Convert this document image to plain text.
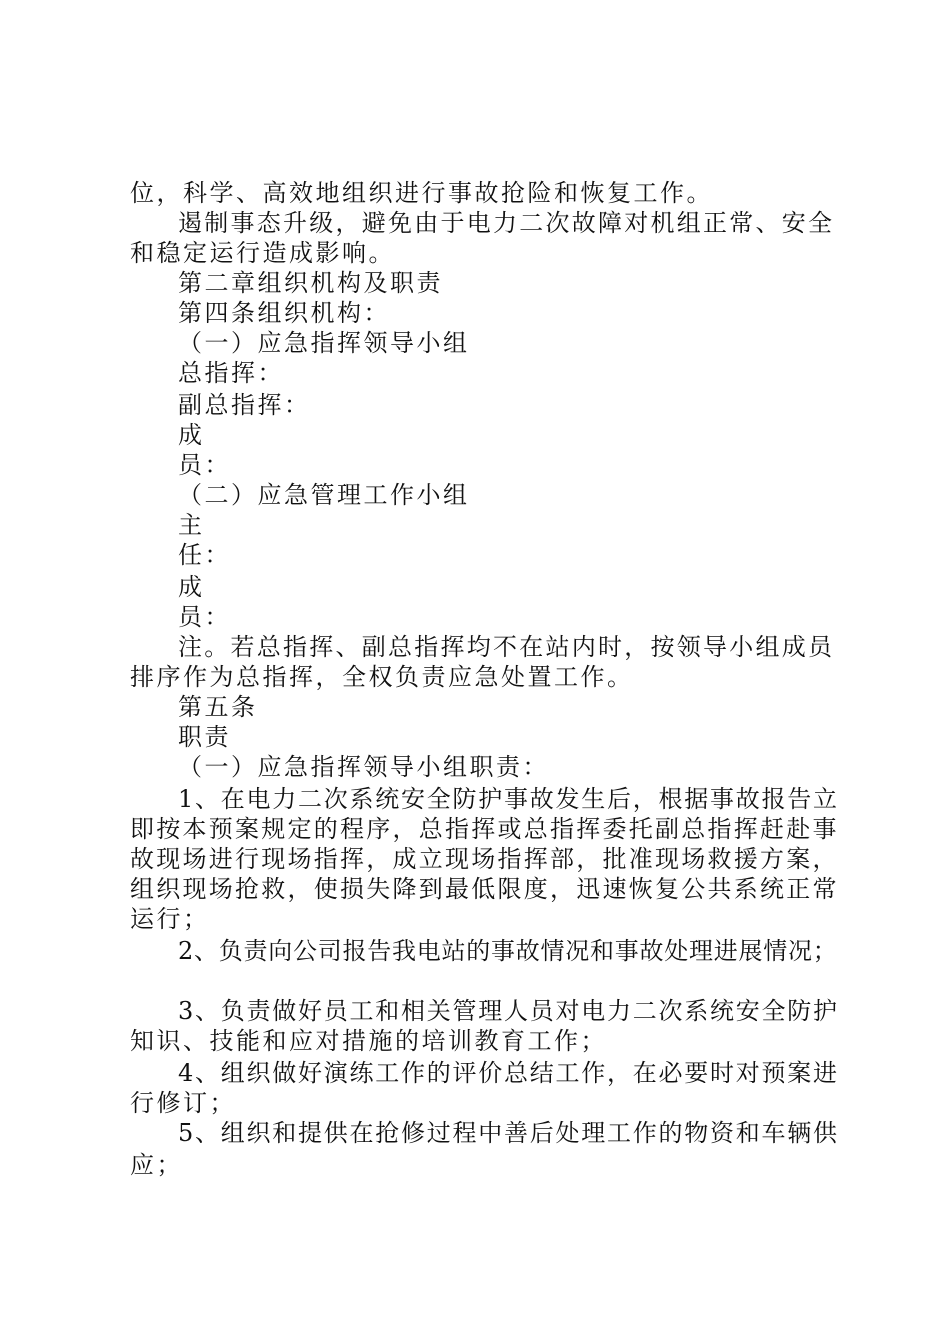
位，科学、高效地组织进行事故抢险和恢复工作。
遏制事态升级，避免由于电力二次故障对机组正常、安全
和稳定运行造成影响。
第二章组织机构及职责
第四条组织机构：
（一）应急指挥领导小组
总指挥：
副总指挥：
成
员：
（二）应急管理工作小组
主
任：
成
员：
注。若总指挥、副总指挥均不在站内时，按领导小组成员
排序作为总指挥，全权负责应急处置工作。
第五条
职责
（一）应急指挥领导小组职责：
1、在电力二次系统安全防护事故发生后，根据事故报告立
即按本预案规定的程序，总指挥或总指挥委托副总指挥赶赴事
故现场进行现场指挥，成立现场指挥部，批准现场救援方案，
组织现场抢救，使损失降到最低限度，迅速恢复公共系统正常
运行；
2、负责向公司报告我电站的事故情况和事故处理进展情况；
3、负责做好员工和相关管理人员对电力二次系统安全防护
知识、技能和应对措施的培训教育工作；
4、组织做好演练工作的评价总结工作，在必要时对预案进
行修订；
5、组织和提供在抢修过程中善后处理工作的物资和车辆供
应；
